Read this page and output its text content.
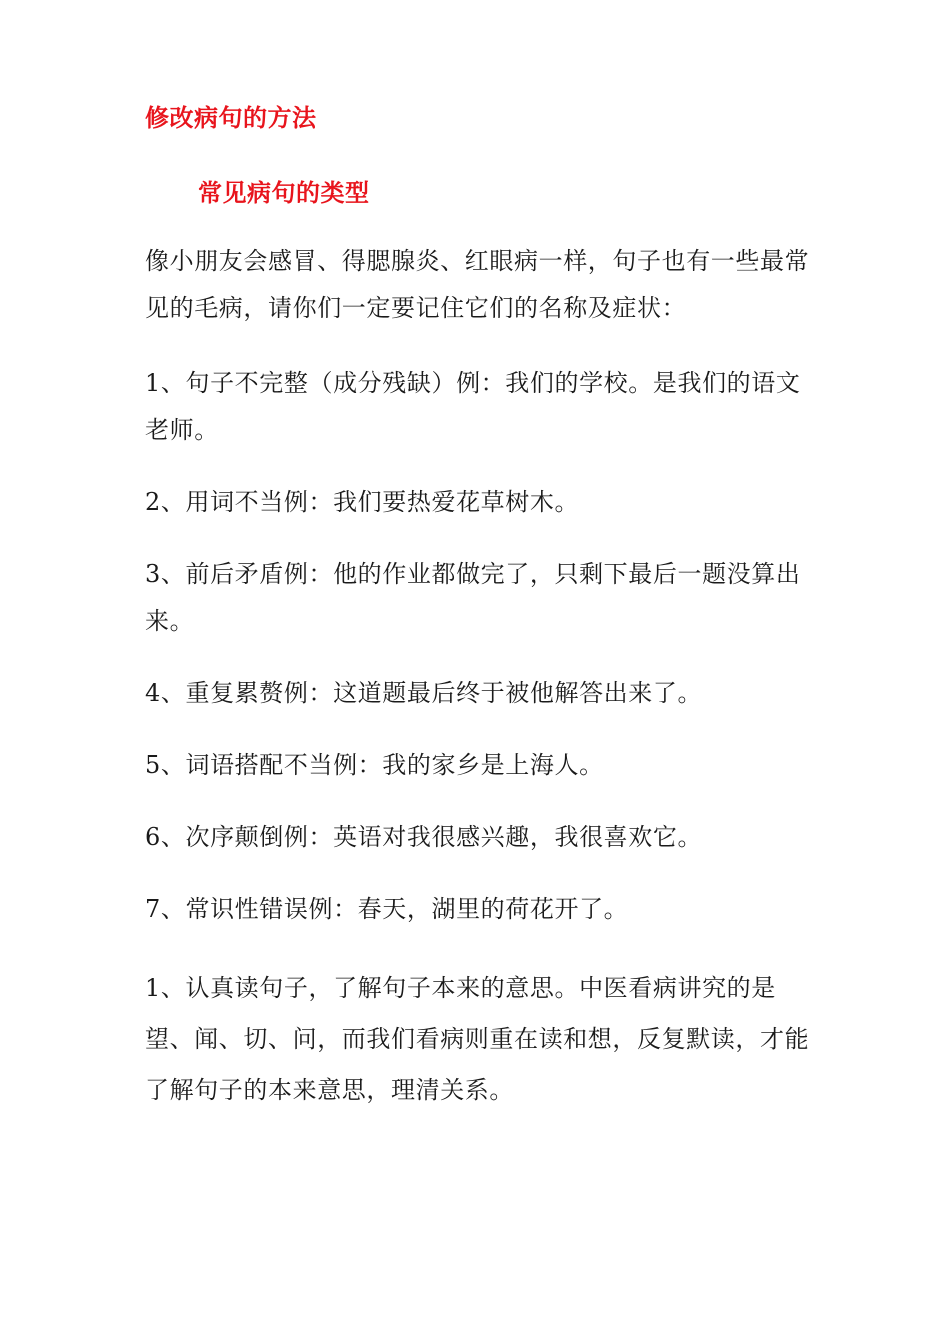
修改病句的方法
常见病句的类型
像小朋友会感冒、得腮腺炎、红眼病一样，句子也有一些最常见的毛病，请你们一定要记住它们的名称及症状：

1、句子不完整（成分残缺）例：我们的学校。是我们的语文老师。

2、用词不当例：我们要热爱花草树木。

3、前后矛盾例：他的作业都做完了，只剩下最后一题没算出来。

4、重复累赘例：这道题最后终于被他解答出来了。

5、词语搭配不当例：我的家乡是上海人。

6、次序颠倒例：英语对我很感兴趣，我很喜欢它。

7、常识性错误例：春天，湖里的荷花开了。

1、认真读句子，了解句子本来的意思。中医看病讲究的是望、闻、切、问，而我们看病则重在读和想，反复默读，才能了解句子的本来意思，理清关系。
